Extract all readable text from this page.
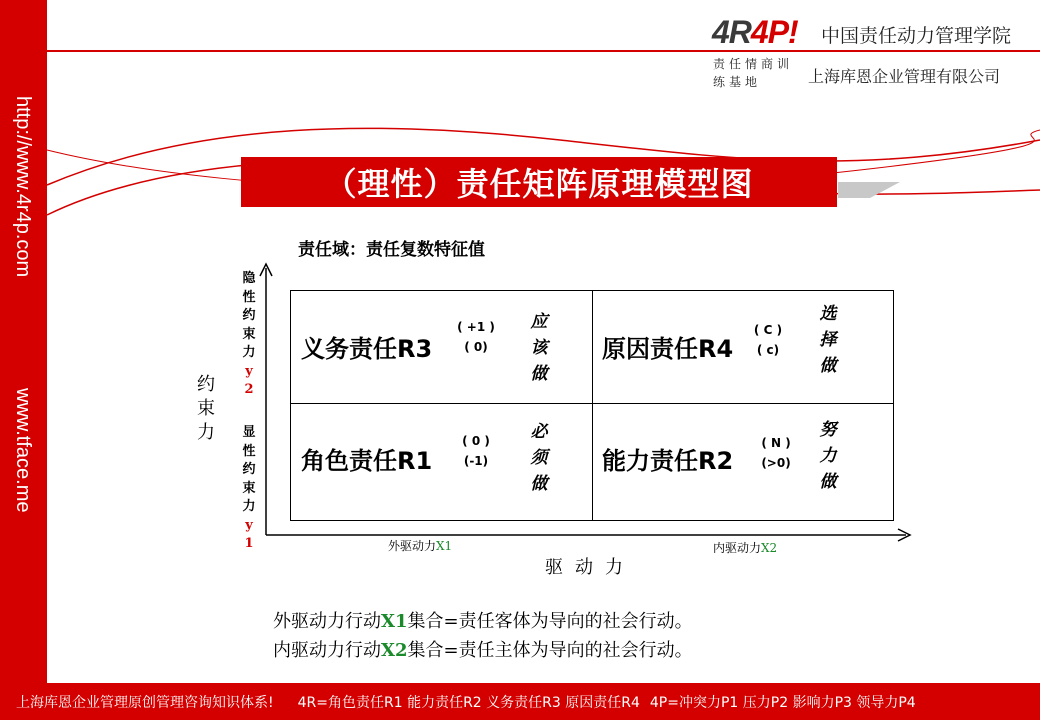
http://www.4r4p.com
www.tface.me
4R4P! 中国责任动力管理学院
责任情商训练基地	上海库恩企业管理有限公司
（理性）责任矩阵原理模型图
责任域：责任复数特征值
约束力
隐性约束力y2
显性约束力y1	外驱动力X1	内驱动力X2
驱动力
义务责任R3
( +1 )
( 0)
应该做
原因责任R4
( C )
( c)
选择做
角色责任R1
( 0 )
(-1)
必须做
能力责任R2
( N )
(>0)
努力做
外驱动力行动X1集合=责任客体为导向的社会行动。
内驱动力行动X2集合=责任主体为导向的社会行动。
上海库恩企业管理原创管理咨询知识体系! 4R=角色责任R1 能力责任R2 义务责任R3 原因责任R4 4P=冲突力P1 压力P2 影响力P3 领导力P4
